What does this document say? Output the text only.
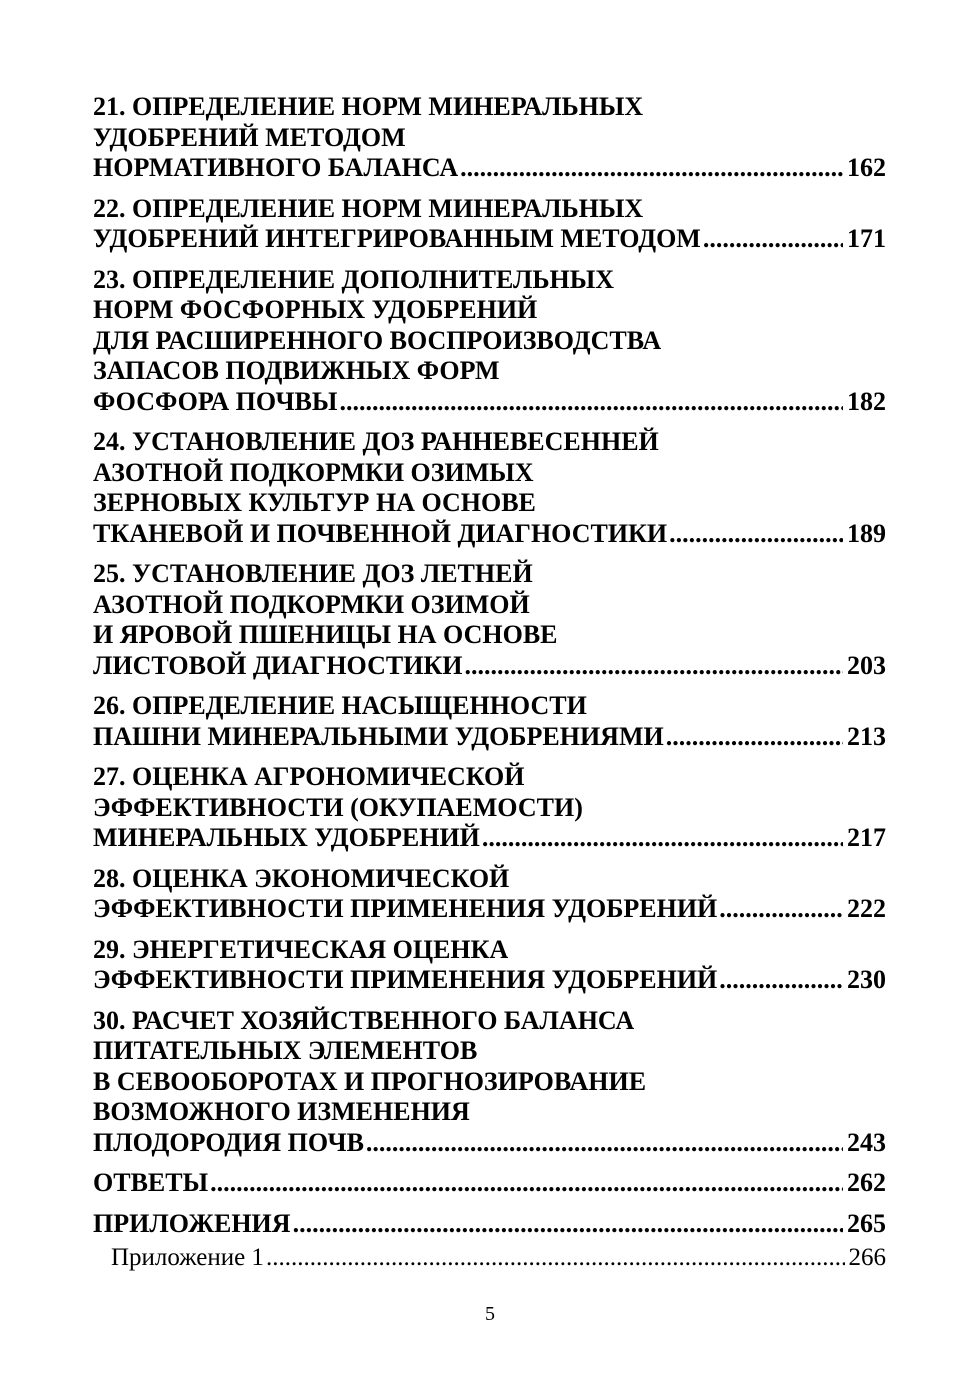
21. ОПРЕДЕЛЕНИЕ НОРМ МИНЕРАЛЬНЫХ
УДОБРЕНИЙ МЕТОДОМ
НОРМАТИВНОГО БАЛАНСА .....	162
22. ОПРЕДЕЛЕНИЕ НОРМ МИНЕРАЛЬНЫХ
УДОБРЕНИЙ ИНТЕГРИРОВАННЫМ МЕТОДОМ .....	171
23. ОПРЕДЕЛЕНИЕ ДОПОЛНИТЕЛЬНЫХ
НОРМ ФОСФОРНЫХ УДОБРЕНИЙ
ДЛЯ РАСШИРЕННОГО ВОСПРОИЗВОДСТВА
ЗАПАСОВ ПОДВИЖНЫХ ФОРМ
ФОСФОРА ПОЧВЫ .....	182
24. УСТАНОВЛЕНИЕ ДОЗ РАННЕВЕСЕННЕЙ
АЗОТНОЙ ПОДКОРМКИ ОЗИМЫХ
ЗЕРНОВЫХ КУЛЬТУР НА ОСНОВЕ
ТКАНЕВОЙ И ПОЧВЕННОЙ ДИАГНОСТИКИ .....	189
25. УСТАНОВЛЕНИЕ ДОЗ ЛЕТНЕЙ
АЗОТНОЙ ПОДКОРМКИ ОЗИМОЙ
И ЯРОВОЙ ПШЕНИЦЫ НА ОСНОВЕ
ЛИСТОВОЙ ДИАГНОСТИКИ .....	203
26. ОПРЕДЕЛЕНИЕ НАСЫЩЕННОСТИ
ПАШНИ МИНЕРАЛЬНЫМИ УДОБРЕНИЯМИ .....	213
27. ОЦЕНКА АГРОНОМИЧЕСКОЙ
ЭФФЕКТИВНОСТИ (ОКУПАЕМОСТИ)
МИНЕРАЛЬНЫХ УДОБРЕНИЙ .....	217
28. ОЦЕНКА ЭКОНОМИЧЕСКОЙ
ЭФФЕКТИВНОСТИ ПРИМЕНЕНИЯ УДОБРЕНИЙ .....	222
29. ЭНЕРГЕТИЧЕСКАЯ ОЦЕНКА
ЭФФЕКТИВНОСТИ ПРИМЕНЕНИЯ УДОБРЕНИЙ .....	230
30. РАСЧЕТ ХОЗЯЙСТВЕННОГО БАЛАНСА
ПИТАТЕЛЬНЫХ ЭЛЕМЕНТОВ
В СЕВООБОРОТАХ И ПРОГНОЗИРОВАНИЕ
ВОЗМОЖНОГО ИЗМЕНЕНИЯ
ПЛОДОРОДИЯ ПОЧВ .....	243
ОТВЕТЫ .....	262
ПРИЛОЖЕНИЯ .....	265
Приложение 1 .....	266
5
